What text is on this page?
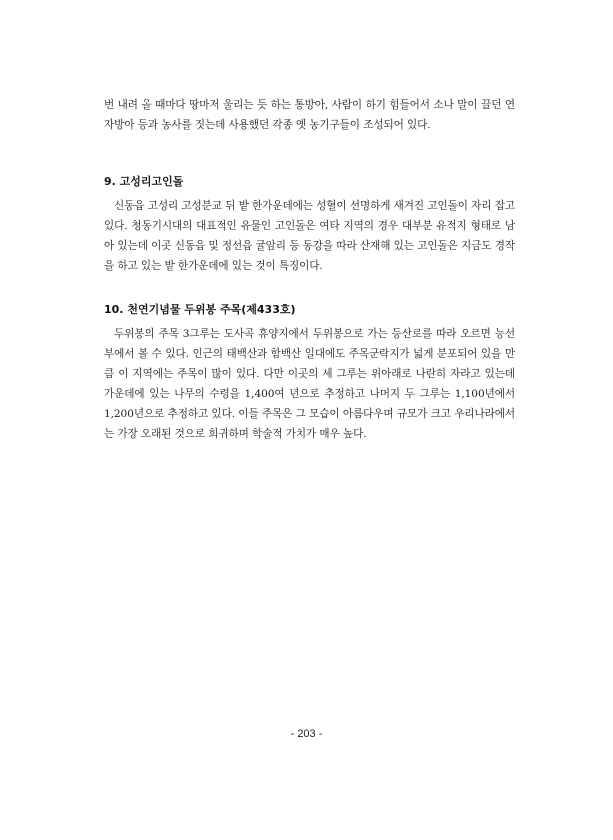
번 내려 올 때마다 땅마저 울리는 듯 하는 통방아, 사람이 하기 힘들어서 소나 말이 끌던 연자방아 등과 농사를 짓는데 사용했던 각종 옛 농기구들이 조성되어 있다.

9. 고성리고인돌

신동읍 고성리 고성분교 뒤 밭 한가운데에는 성혈이 선명하게 새겨진 고인돌이 자리 잡고 있다. 청동기시대의 대표적인 유물인 고인돌은 여타 지역의 경우 대부분 유적지 형태로 남아 있는데 이곳 신동읍 및 정선읍 귤암리 등 동강을 따라 산재해 있는 고인돌은 지금도 경작을 하고 있는 밭 한가운데에 있는 것이 특징이다.

10. 천연기념물 두위봉 주목(제433호)

두위봉의 주목 3그루는 도사곡 휴양지에서 두위봉으로 가는 등산로를 따라 오르면 능선부에서 볼 수 있다. 인근의 태백산과 함백산 일대에도 주목군락지가 넓게 분포되어 있을 만큼 이 지역에는 주목이 많이 있다. 다만 이곳의 세 그루는 위아래로 나란히 자라고 있는데 가운데에 있는 나무의 수령을 1,400여 년으로 추정하고 나머지 두 그루는 1,100년에서 1,200년으로 추정하고 있다. 이들 주목은 그 모습이 아름다우며 규모가 크고 우리나라에서는 가장 오래된 것으로 희귀하며 학술적 가치가 매우 높다.

- 203 -
